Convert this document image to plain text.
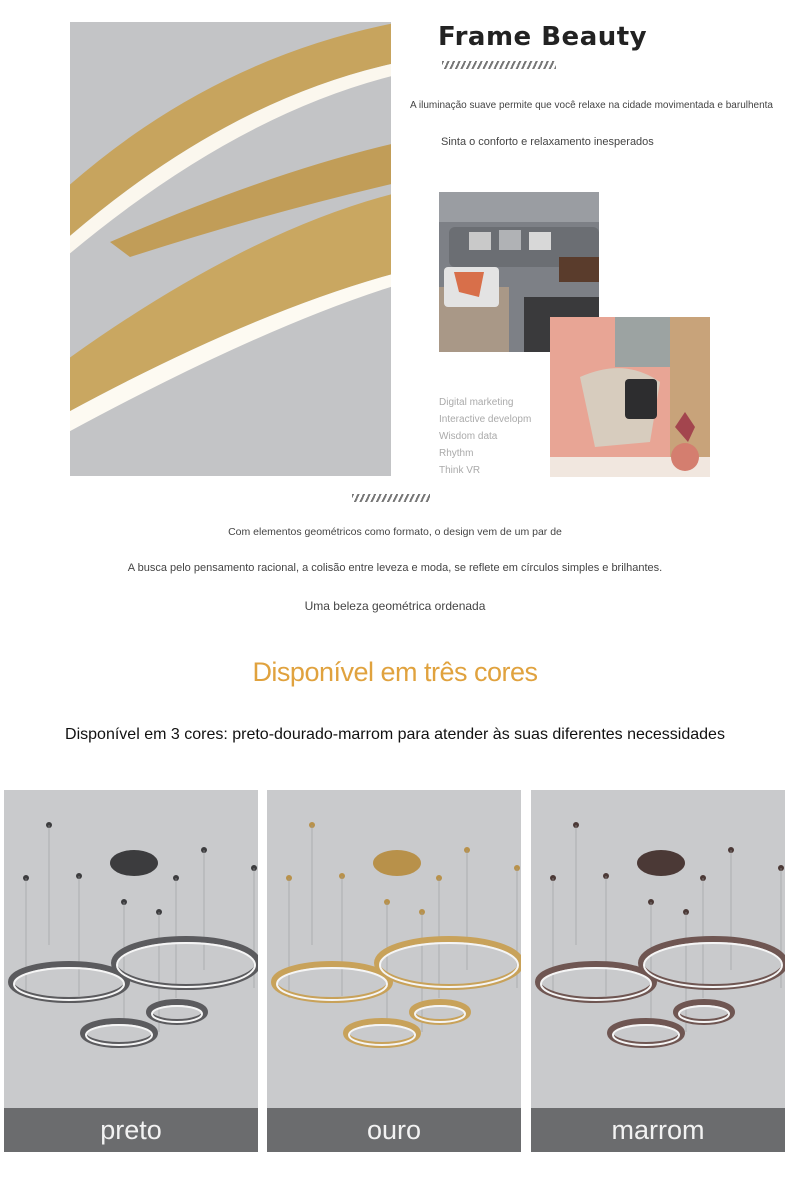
Frame Beauty
A iluminação suave permite que você relaxe na cidade movimentada e barulhenta
Sinta o conforto e relaxamento inesperados
Digital marketing
Interactive developm
Wisdom data
Rhythm
Think VR
Com elementos geométricos como formato, o design vem de um par de
A busca pelo pensamento racional, a colisão entre leveza e moda, se reflete em círculos simples e brilhantes.
Uma beleza geométrica ordenada
Disponível em três cores
Disponível em 3 cores: preto-dourado-marrom para atender às suas diferentes necessidades
preto	ouro	marrom
